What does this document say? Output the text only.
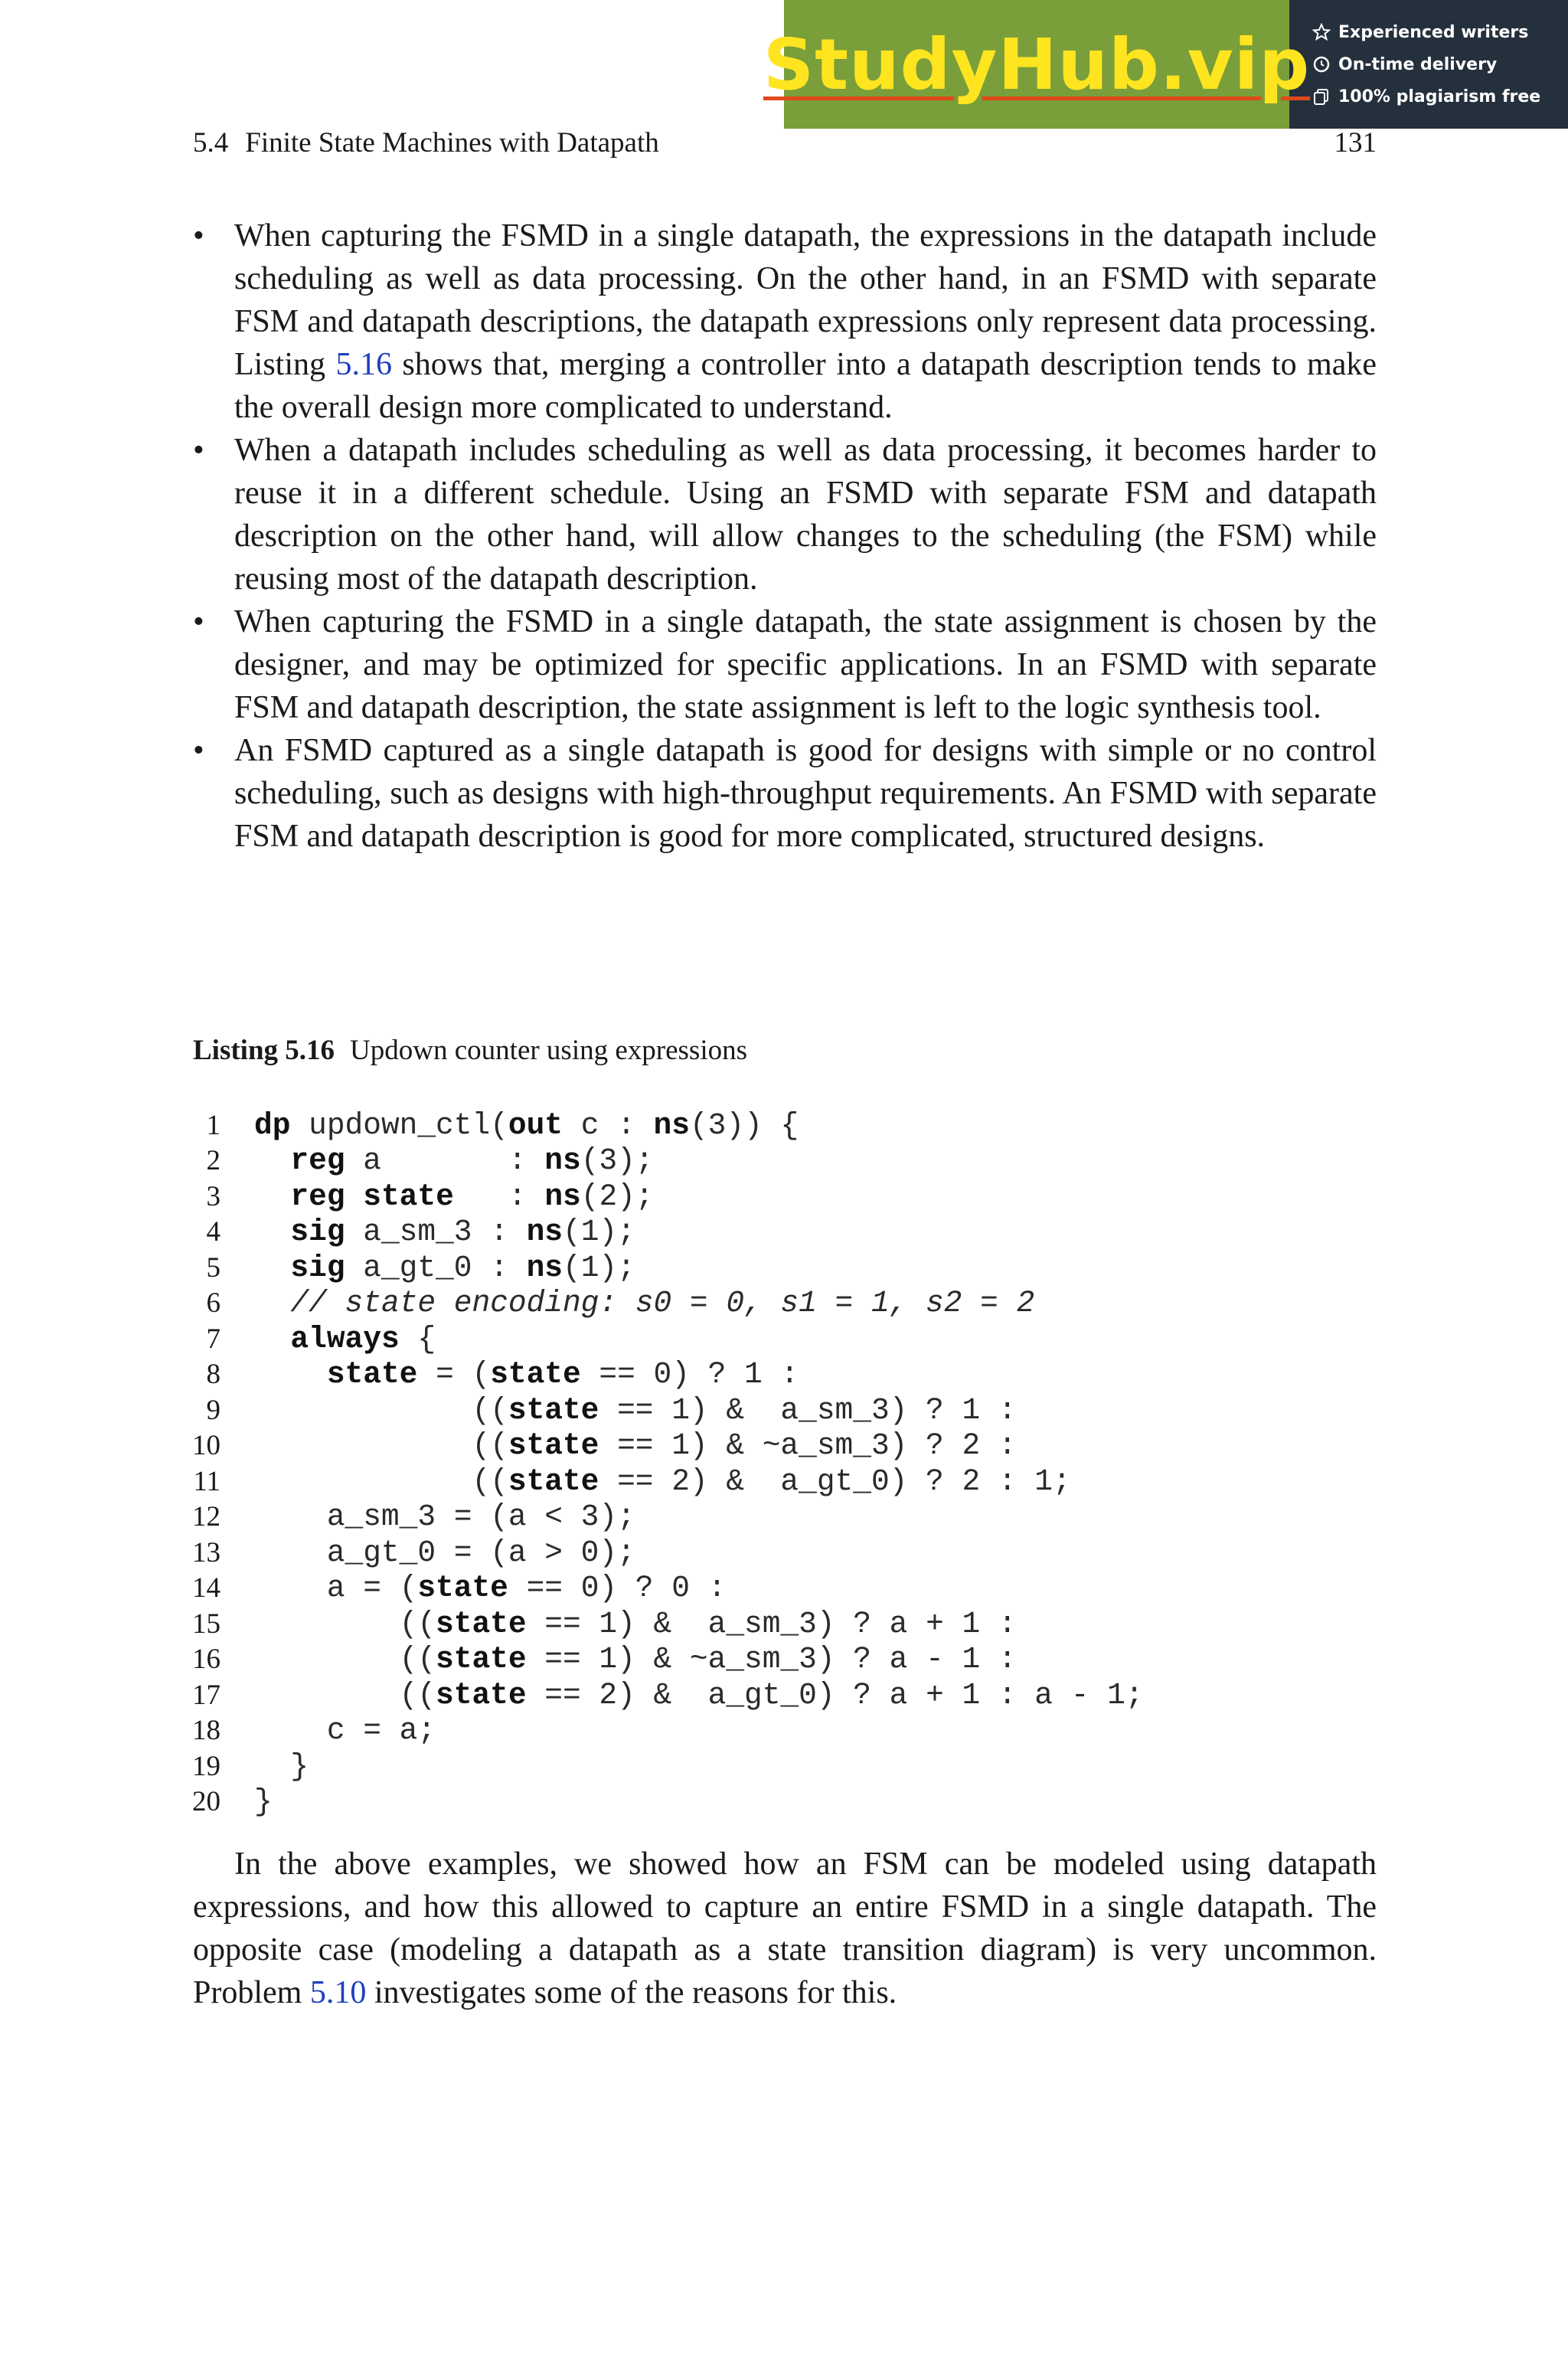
StudyHub.vip Experienced writers
On-time delivery
100% plagiarism free
5.4 Finite State Machines with Datapath	131
• When capturing the FSMD in a single datapath, the expressions in the datapath include scheduling as well as data processing. On the other hand, in an FSMD with separate FSM and datapath descriptions, the datapath expressions only represent data processing. Listing 5.16 shows that, merging a controller into a datapath description tends to make the overall design more complicated to understand.
• When a datapath includes scheduling as well as data processing, it becomes harder to reuse it in a different schedule. Using an FSMD with separate FSM and datapath description on the other hand, will allow changes to the scheduling (the FSM) while reusing most of the datapath description.
• When capturing the FSMD in a single datapath, the state assignment is chosen by the designer, and may be optimized for specific applications. In an FSMD with separate FSM and datapath description, the state assignment is left to the logic synthesis tool.
• An FSMD captured as a single datapath is good for designs with simple or no control scheduling, such as designs with high-throughput requirements. An FSMD with separate FSM and datapath description is good for more complicated, structured designs.
Listing 5.16 Updown counter using expressions
1 dp updown_ctl(out c : ns(3)) {
2	reg a       : ns(3);
3	reg state   : ns(2);
4	sig a_sm_3 : ns(1);
5	sig a_gt_0 : ns(1);
6	// state encoding: s0 = 0, s1 = 1, s2 = 2
7	always {
8	state = (state == 0) ? 1 :
9 ((state == 1) &  a_sm_3) ? 1 :
10 ((state == 1) & ~a_sm_3) ? 2 :
11 ((state == 2) &  a_gt_0) ? 2 : 1;
12 a_sm_3 = (a < 3);
13 a_gt_0 = (a > 0);
14 a = (state == 0) ? 0 :
15 ((state == 1) &  a_sm_3) ? a + 1 :
16 ((state == 1) & ~a_sm_3) ? a - 1 :
17 ((state == 2) &  a_gt_0) ? a + 1 : a - 1;
18 c = a;
19 }
20 }

In the above examples, we showed how an FSM can be modeled using datapath expressions, and how this allowed to capture an entire FSMD in a single datapath. The opposite case (modeling a datapath as a state transition diagram) is very uncommon. Problem 5.10 investigates some of the reasons for this.
